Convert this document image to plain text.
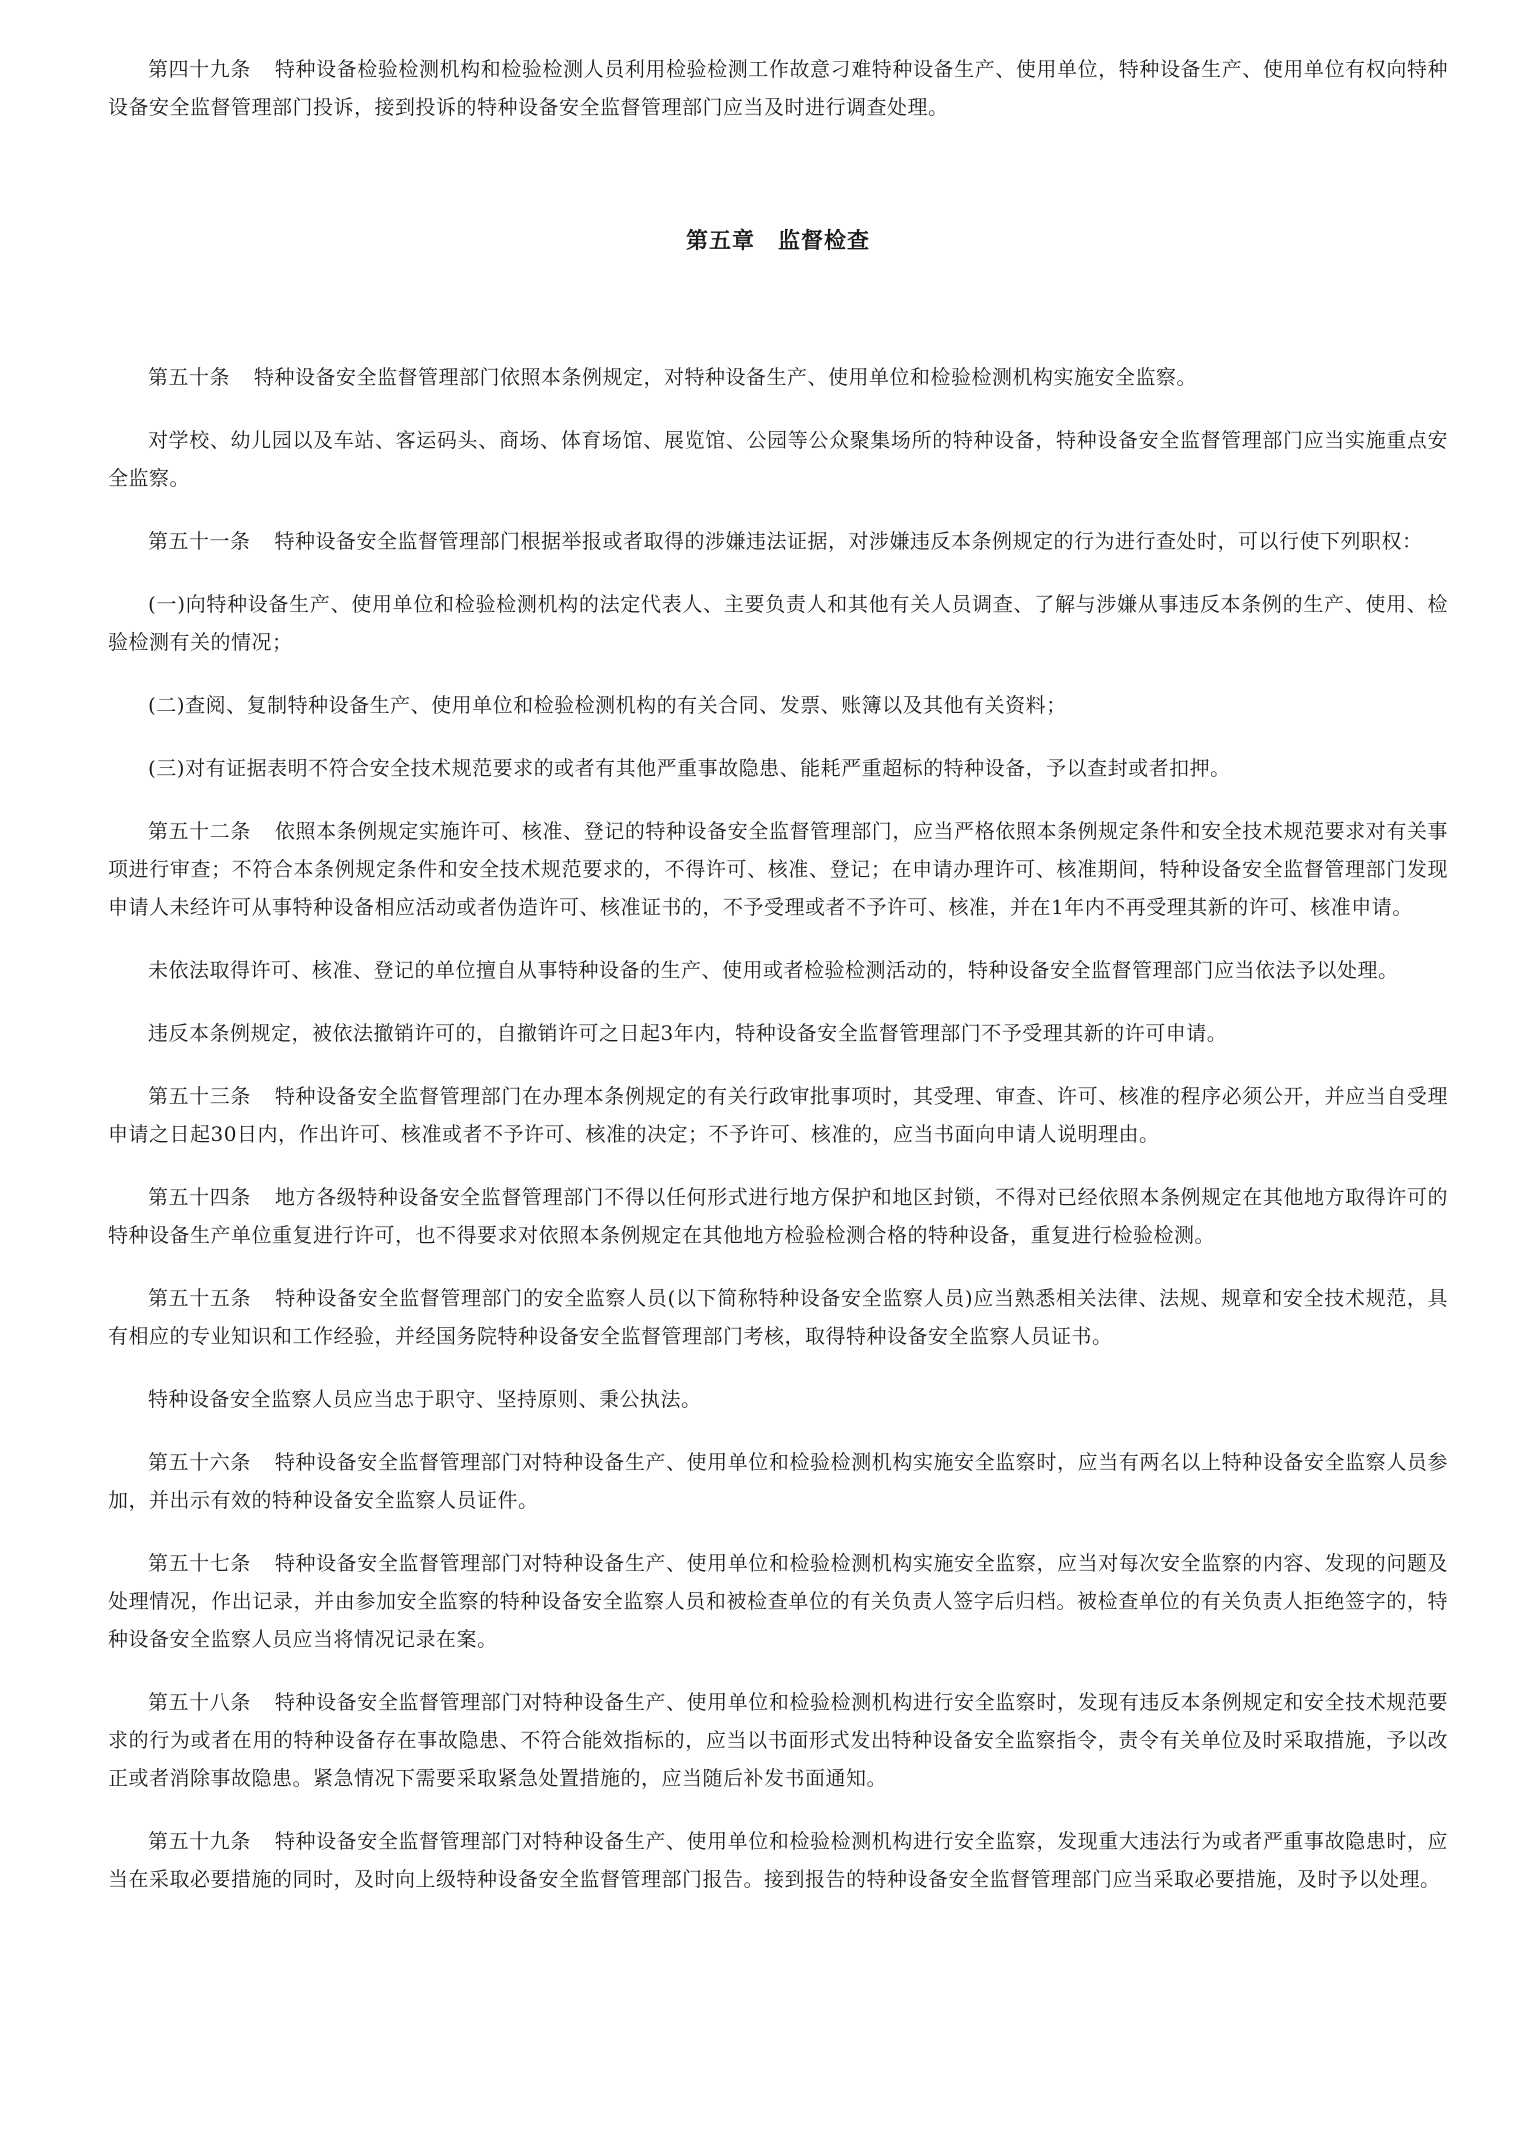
第四十九条 特种设备检验检测机构和检验检测人员利用检验检测工作故意刁难特种设备生产、使用单位，特种设备生产、使用单位有权向特种设备安全监督管理部门投诉，接到投诉的特种设备安全监督管理部门应当及时进行调查处理。

第五章　监督检查

第五十条 特种设备安全监督管理部门依照本条例规定，对特种设备生产、使用单位和检验检测机构实施安全监察。

对学校、幼儿园以及车站、客运码头、商场、体育场馆、展览馆、公园等公众聚集场所的特种设备，特种设备安全监督管理部门应当实施重点安全监察。

第五十一条 特种设备安全监督管理部门根据举报或者取得的涉嫌违法证据，对涉嫌违反本条例规定的行为进行查处时，可以行使下列职权：

(一)向特种设备生产、使用单位和检验检测机构的法定代表人、主要负责人和其他有关人员调查、了解与涉嫌从事违反本条例的生产、使用、检验检测有关的情况；

(二)查阅、复制特种设备生产、使用单位和检验检测机构的有关合同、发票、账簿以及其他有关资料；

(三)对有证据表明不符合安全技术规范要求的或者有其他严重事故隐患、能耗严重超标的特种设备，予以查封或者扣押。

第五十二条 依照本条例规定实施许可、核准、登记的特种设备安全监督管理部门，应当严格依照本条例规定条件和安全技术规范要求对有关事项进行审查；不符合本条例规定条件和安全技术规范要求的，不得许可、核准、登记；在申请办理许可、核准期间，特种设备安全监督管理部门发现申请人未经许可从事特种设备相应活动或者伪造许可、核准证书的，不予受理或者不予许可、核准，并在1年内不再受理其新的许可、核准申请。

未依法取得许可、核准、登记的单位擅自从事特种设备的生产、使用或者检验检测活动的，特种设备安全监督管理部门应当依法予以处理。

违反本条例规定，被依法撤销许可的，自撤销许可之日起3年内，特种设备安全监督管理部门不予受理其新的许可申请。

第五十三条 特种设备安全监督管理部门在办理本条例规定的有关行政审批事项时，其受理、审查、许可、核准的程序必须公开，并应当自受理申请之日起30日内，作出许可、核准或者不予许可、核准的决定；不予许可、核准的，应当书面向申请人说明理由。

第五十四条 地方各级特种设备安全监督管理部门不得以任何形式进行地方保护和地区封锁，不得对已经依照本条例规定在其他地方取得许可的特种设备生产单位重复进行许可，也不得要求对依照本条例规定在其他地方检验检测合格的特种设备，重复进行检验检测。

第五十五条 特种设备安全监督管理部门的安全监察人员(以下简称特种设备安全监察人员)应当熟悉相关法律、法规、规章和安全技术规范，具有相应的专业知识和工作经验，并经国务院特种设备安全监督管理部门考核，取得特种设备安全监察人员证书。

特种设备安全监察人员应当忠于职守、坚持原则、秉公执法。

第五十六条 特种设备安全监督管理部门对特种设备生产、使用单位和检验检测机构实施安全监察时，应当有两名以上特种设备安全监察人员参加，并出示有效的特种设备安全监察人员证件。

第五十七条 特种设备安全监督管理部门对特种设备生产、使用单位和检验检测机构实施安全监察，应当对每次安全监察的内容、发现的问题及处理情况，作出记录，并由参加安全监察的特种设备安全监察人员和被检查单位的有关负责人签字后归档。被检查单位的有关负责人拒绝签字的，特种设备安全监察人员应当将情况记录在案。

第五十八条 特种设备安全监督管理部门对特种设备生产、使用单位和检验检测机构进行安全监察时，发现有违反本条例规定和安全技术规范要求的行为或者在用的特种设备存在事故隐患、不符合能效指标的，应当以书面形式发出特种设备安全监察指令，责令有关单位及时采取措施，予以改正或者消除事故隐患。紧急情况下需要采取紧急处置措施的，应当随后补发书面通知。

第五十九条 特种设备安全监督管理部门对特种设备生产、使用单位和检验检测机构进行安全监察，发现重大违法行为或者严重事故隐患时，应当在采取必要措施的同时，及时向上级特种设备安全监督管理部门报告。接到报告的特种设备安全监督管理部门应当采取必要措施，及时予以处理。
